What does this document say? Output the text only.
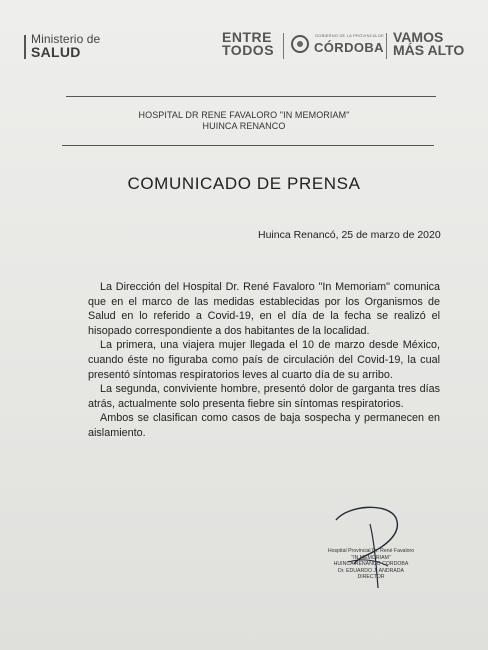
Ministerio de
SALUD
ENTRE
TODOS
GOBIERNO DE LA PROVINCIA DE
CÓRDOBA
VAMOS
MÁS ALTO
HOSPITAL DR RENE FAVALORO "IN MEMORIAM"
HUINCA RENANCO
COMUNICADO DE PRENSA
Huinca Renancó, 25 de marzo de 2020

La Dirección del Hospital Dr. René Favaloro "In Memoriam" comunica que en el marco de las medidas establecidas por los Organismos de Salud en lo referido a Covid-19, en el día de la fecha se realizó el hisopado correspondiente a dos habitantes de la localidad.

La primera, una viajera mujer llegada el 10 de marzo desde México, cuando éste no figuraba como país de circulación del Covid-19, la cual presentó síntomas respiratorios leves al cuarto día de su arribo.

La segunda, conviviente hombre, presentó dolor de garganta tres días atrás, actualmente solo presenta fiebre sin síntomas respiratorios.

Ambos se clasifican como casos de baja sospecha y permanecen en aislamiento.

Hospital Provincial Dr. René Favaloro
"IN MEMORIAM"
HUINCA RENANCO CORDOBA
Dr. EDUARDO J. ANDRADA
DIRECTOR
